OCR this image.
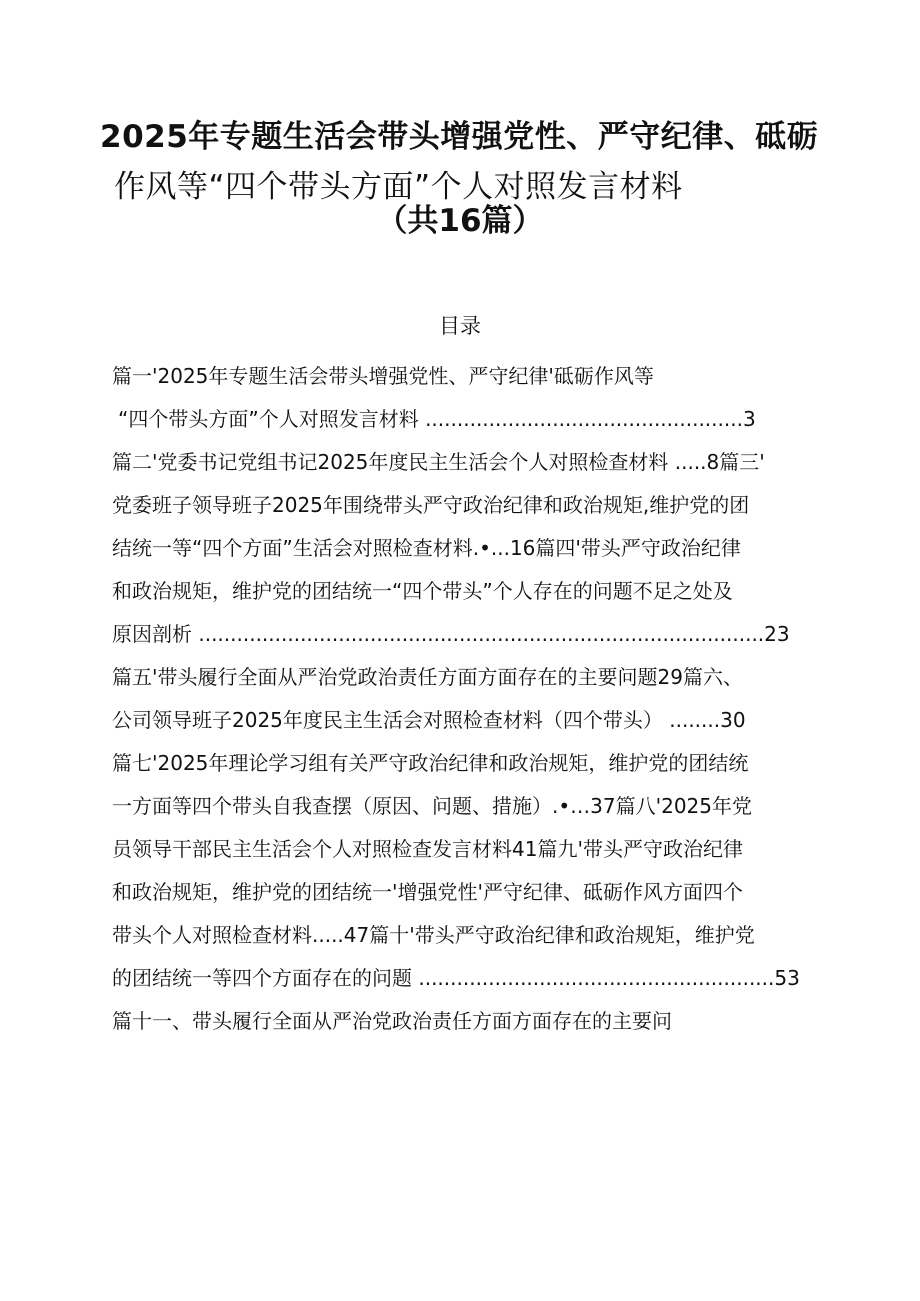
2025年专题生活会带头增强党性、严守纪律、砥砺
作风等“四个带头方面”个人对照发言材料
（共16篇）
目录
篇一'2025年专题生活会带头增强党性、严守纪律'砥砺作风等
“四个带头方面”个人对照发言材料 ..................................................3
篇二'党委书记党组书记2025年度民主生活会个人对照检查材料 .....8篇三'
党委班子领导班子2025年围绕带头严守政治纪律和政治规矩,维护党的团
结统一等“四个方面”生活会对照检查材料.•...16篇四'带头严守政治纪律
和政治规矩，维护党的团结统一“四个带头”个人存在的问题不足之处及
原因剖析 .........................................................................................23
篇五'带头履行全面从严治党政治责任方面方面存在的主要问题29篇六、
公司领导班子2025年度民主生活会对照检查材料（四个带头） ........30
篇七'2025年理论学习组有关严守政治纪律和政治规矩，维护党的团结统
一方面等四个带头自我查摆（原因、问题、措施）.•…37篇八'2025年党
员领导干部民主生活会个人对照检查发言材料41篇九'带头严守政治纪律
和政治规矩，维护党的团结统一'增强党性'严守纪律、砥砺作风方面四个
带头个人对照检查材料.....47篇十'带头严守政治纪律和政治规矩，维护党
的团结统一等四个方面存在的问题 ........................................................53
篇十一、带头履行全面从严治党政治责任方面方面存在的主要问
